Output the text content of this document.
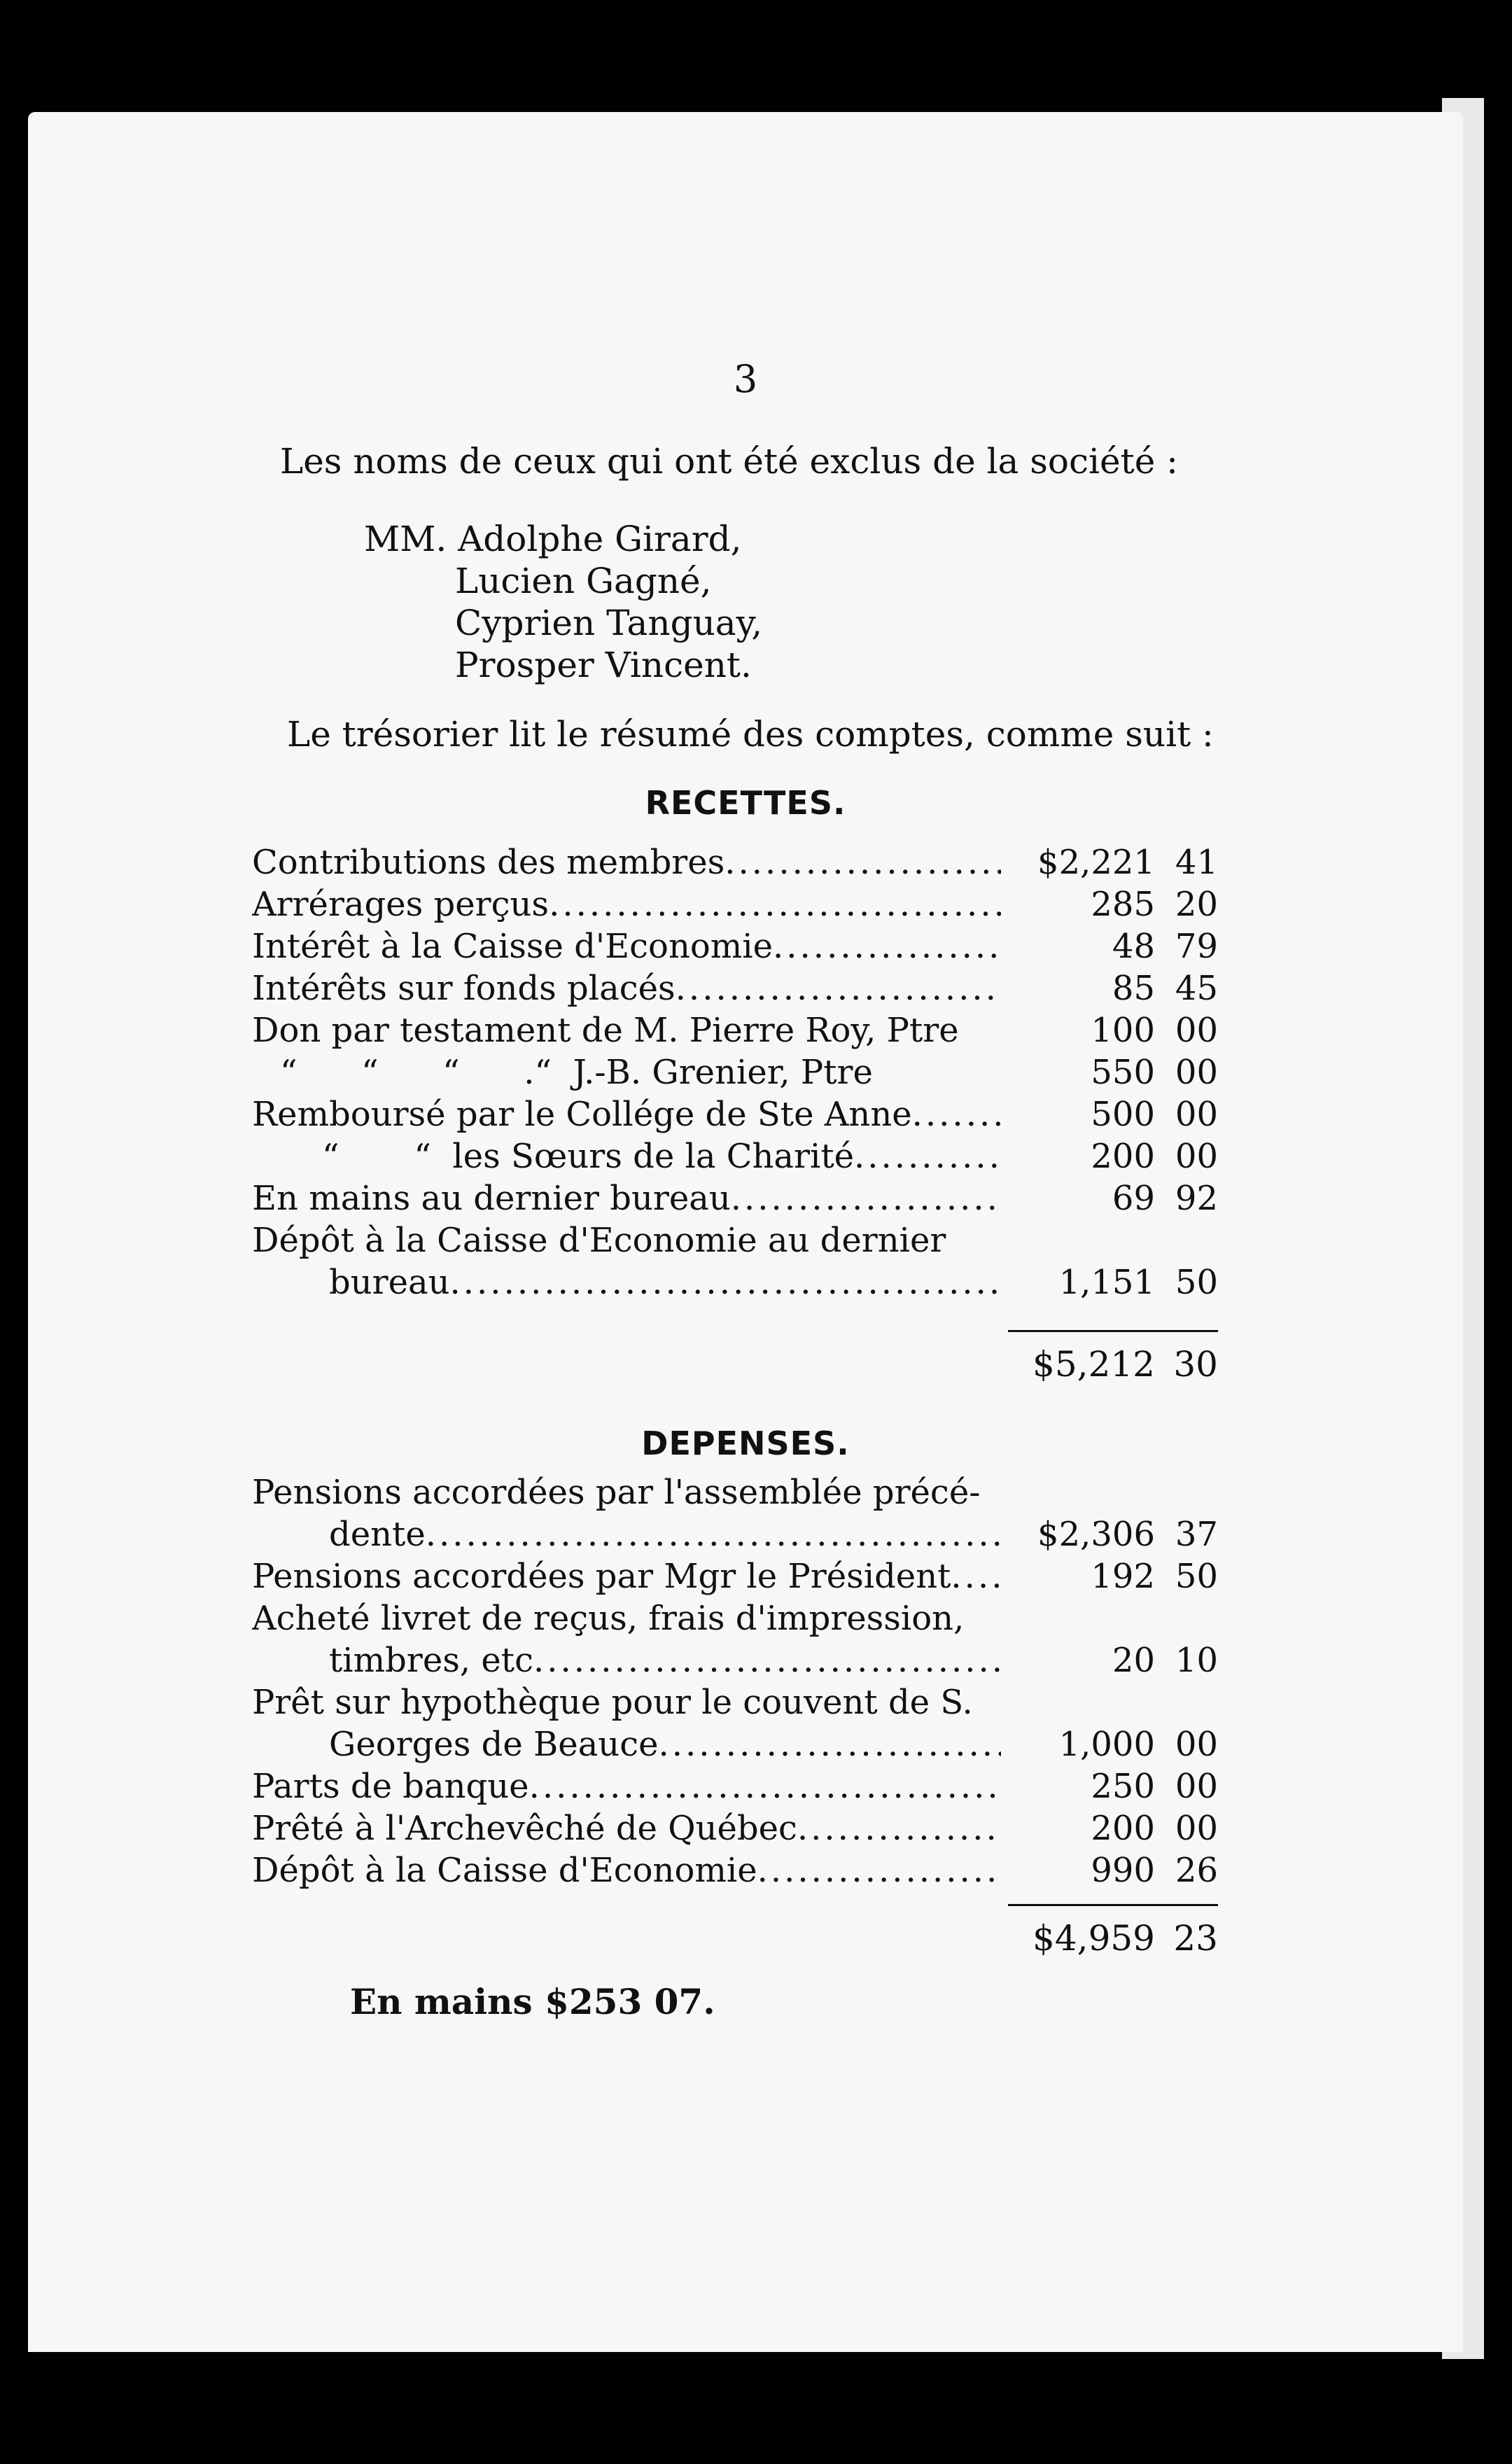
3
Les noms de ceux qui ont été exclus de la société :
MM. Adolphe Girard,
Lucien Gagné,
Cyprien Tanguay,
Prosper Vincent.
Le trésorier lit le résumé des comptes, comme suit :
RECETTES.
Contributions des membres .....	$2,221 41
Arrérages perçus .....	285 20
Intérêt à la Caisse d'Economie .....	48 79
Intérêts sur fonds placés .....	85 45
Don par testament de M. Pierre Roy, Ptre	100 00
“      “      “      .“  J.-B. Grenier, Ptre	550 00
Remboursé par le Collége de Ste Anne .....	500 00
“       “  les Sœurs de la Charité .....	200 00
En mains au dernier bureau .....	69 92
Dépôt à la Caisse d'Economie au dernier
bureau .....	1,151 50
$5,212 30
DEPENSES.
Pensions accordées par l'assemblée précé-
dente .....	$2,306 37
Pensions accordées par Mgr le Président .....	192 50
Acheté livret de reçus, frais d'impression,
timbres, etc .....	20 10
Prêt sur hypothèque pour le couvent de S.
Georges de Beauce .....	1,000 00
Parts de banque .....	250 00
Prêté à l'Archevêché de Québec .....	200 00
Dépôt à la Caisse d'Economie .....	990 26
$4,959 23
En mains $253 07.
